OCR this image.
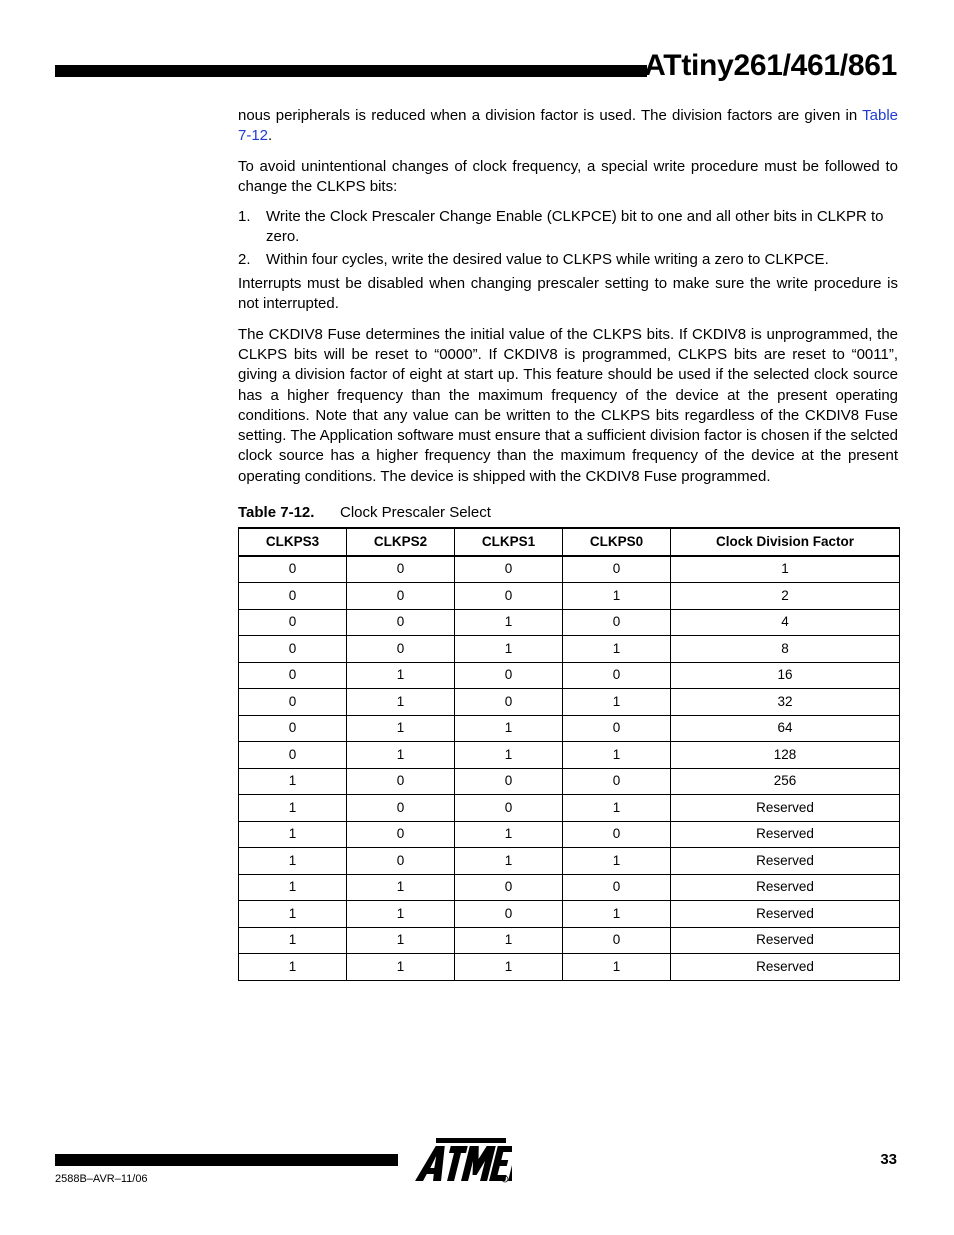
ATtiny261/461/861

nous peripherals is reduced when a division factor is used. The division factors are given in Table 7-12.

To avoid unintentional changes of clock frequency, a special write procedure must be followed to change the CLKPS bits:

1. Write the Clock Prescaler Change Enable (CLKPCE) bit to one and all other bits in CLKPR to zero.
2. Within four cycles, write the desired value to CLKPS while writing a zero to CLKPCE.

Interrupts must be disabled when changing prescaler setting to make sure the write procedure is not interrupted.

The CKDIV8 Fuse determines the initial value of the CLKPS bits. If CKDIV8 is unprogrammed, the CLKPS bits will be reset to “0000”. If CKDIV8 is programmed, CLKPS bits are reset to “0011”, giving a division factor of eight at start up. This feature should be used if the selected clock source has a higher frequency than the maximum frequency of the device at the present operating conditions. Note that any value can be written to the CLKPS bits regardless of the CKDIV8 Fuse setting. The Application software must ensure that a sufficient division factor is chosen if the selcted clock source has a higher frequency than the maximum frequency of the device at the present operating conditions. The device is shipped with the CKDIV8 Fuse programmed.

Table 7-12. Clock Prescaler Select
CLKPS3	CLKPS2	CLKPS1	CLKPS0	Clock Division Factor
0	0	0	0	1
0	0	0	1	2
0	0	1	0	4
0	0	1	1	8
0	1	0	0	16
0	1	0	1	32
0	1	1	0	64
0	1	1	1	128
1	0	0	0	256
1	0	0	1	Reserved
1	0	1	0	Reserved
1	0	1	1	Reserved
1	1	0	0	Reserved
1	1	0	1	Reserved
1	1	1	0	Reserved
1	1	1	1	Reserved
2588B–AVR–11/06
33
R
